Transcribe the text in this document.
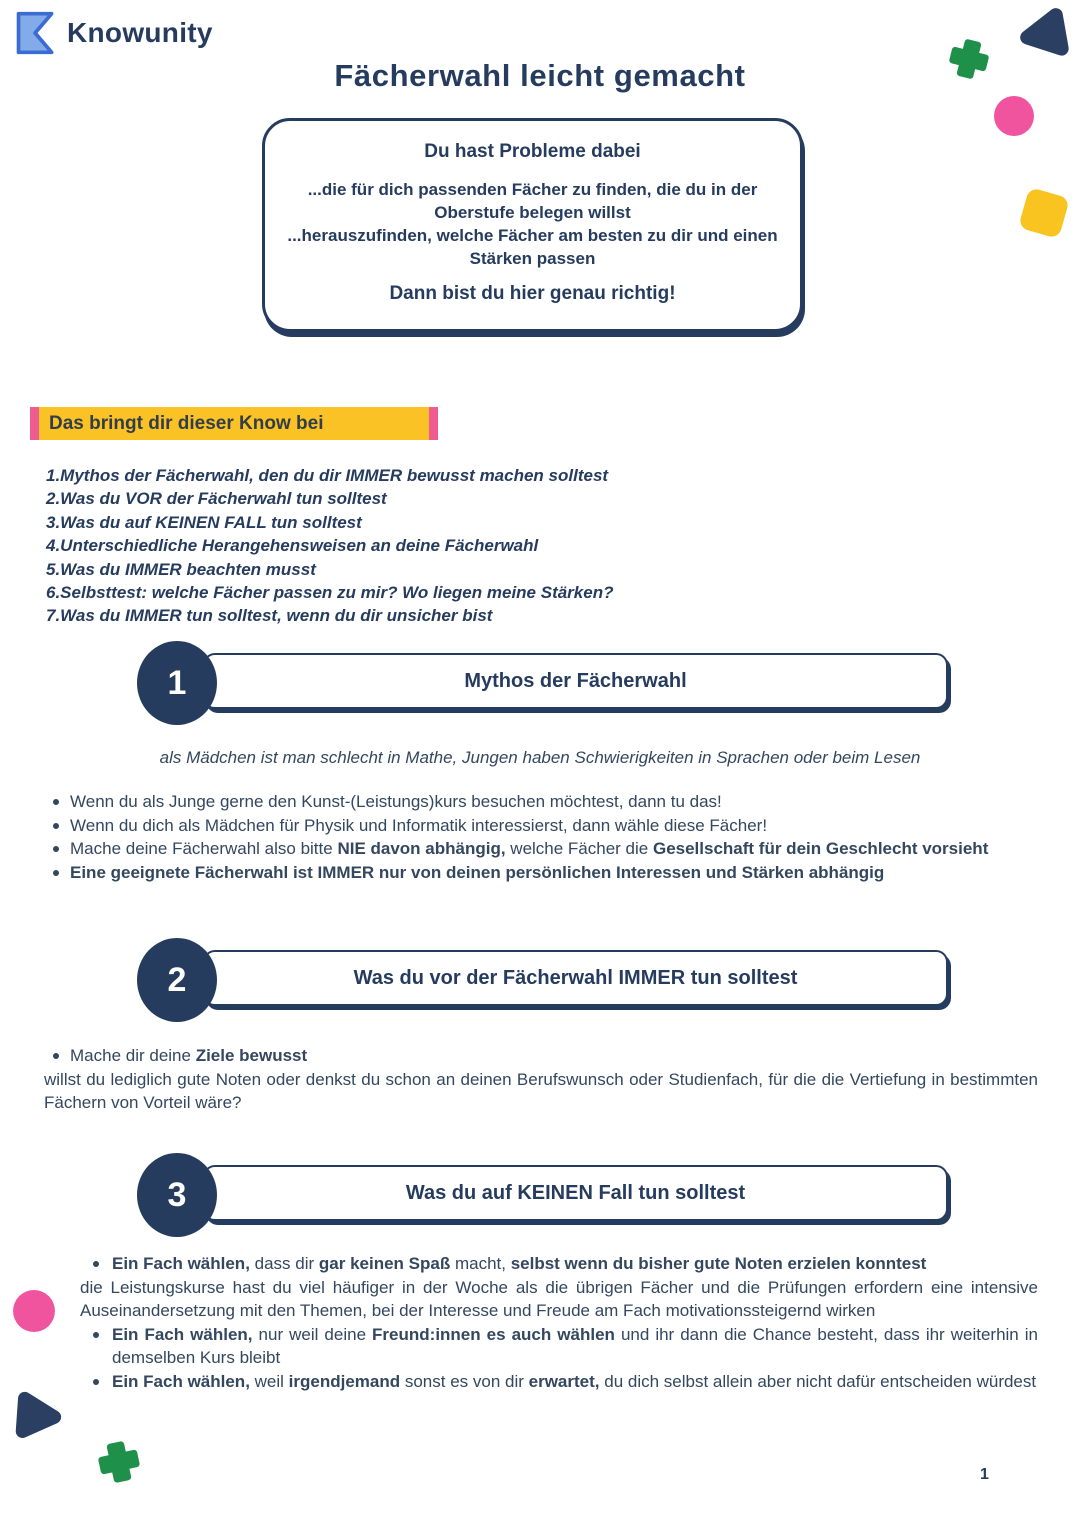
Knowunity
Fächerwahl leicht gemacht
Du hast Probleme dabei
...die für dich passenden Fächer zu finden, die du in der Oberstufe belegen willst
...herauszufinden, welche Fächer am besten zu dir und einen Stärken passen
Dann bist du hier genau richtig!
Das bringt dir dieser Know bei
1.Mythos der Fächerwahl, den du dir IMMER bewusst machen solltest
2.Was du VOR der Fächerwahl tun solltest
3.Was du auf KEINEN FALL tun solltest
4.Unterschiedliche Herangehensweisen an deine Fächerwahl
5.Was du IMMER beachten musst
6.Selbsttest: welche Fächer passen zu mir? Wo liegen meine Stärken?
7.Was du IMMER tun solltest, wenn du dir unsicher bist
1	Mythos der Fächerwahl
als Mädchen ist man schlecht in Mathe, Jungen haben Schwierigkeiten in Sprachen oder beim Lesen
Wenn du als Junge gerne den Kunst-(Leistungs)kurs besuchen möchtest, dann tu das!
Wenn du dich als Mädchen für Physik und Informatik interessierst, dann wähle diese Fächer!
Mache deine Fächerwahl also bitte NIE davon abhängig, welche Fächer die Gesellschaft für dein Geschlecht vorsieht
Eine geeignete Fächerwahl ist IMMER nur von deinen persönlichen Interessen und Stärken abhängig
2	Was du vor der Fächerwahl IMMER tun solltest
Mache dir deine Ziele bewusst
willst du lediglich gute Noten oder denkst du schon an deinen Berufswunsch oder Studienfach, für die die Vertiefung in bestimmten Fächern von Vorteil wäre?
3	Was du auf KEINEN Fall tun solltest
Ein Fach wählen, dass dir gar keinen Spaß macht, selbst wenn du bisher gute Noten erzielen konntest
die Leistungskurse hast du viel häufiger in der Woche als die übrigen Fächer und die Prüfungen erfordern eine intensive Auseinandersetzung mit den Themen, bei der Interesse und Freude am Fach motivationssteigernd wirken
Ein Fach wählen, nur weil deine Freund:innen es auch wählen und ihr dann die Chance besteht, dass ihr weiterhin in demselben Kurs bleibt
Ein Fach wählen, weil irgendjemand sonst es von dir erwartet, du dich selbst allein aber nicht dafür entscheiden würdest
1
